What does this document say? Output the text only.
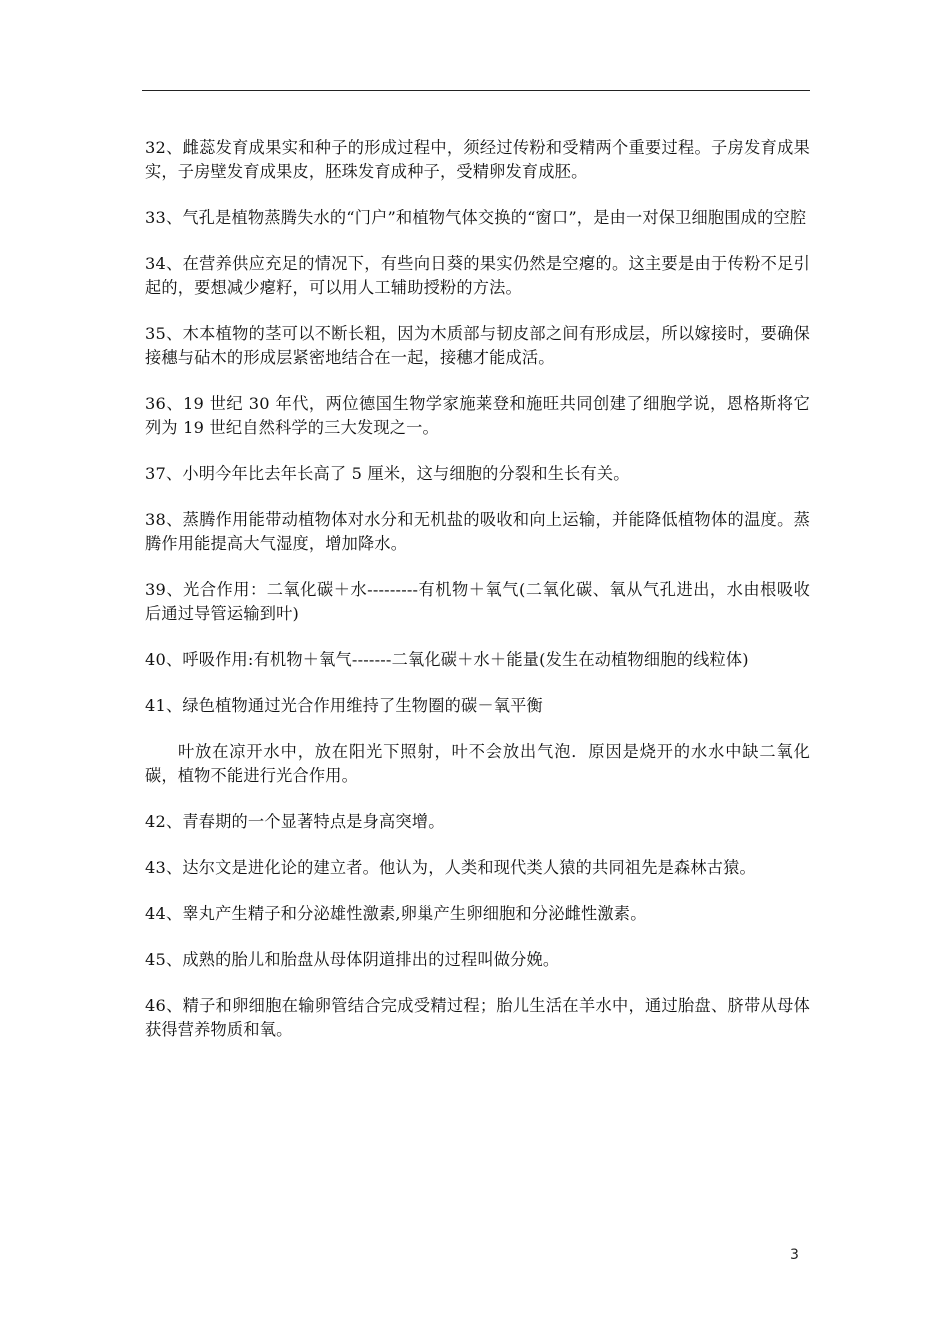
32、雌蕊发育成果实和种子的形成过程中，须经过传粉和受精两个重要过程。子房发育成果实，子房壁发育成果皮，胚珠发育成种子，受精卵发育成胚。

33、气孔是植物蒸腾失水的“门户”和植物气体交换的“窗口”，是由一对保卫细胞围成的空腔

34、在营养供应充足的情况下，有些向日葵的果实仍然是空瘪的。这主要是由于传粉不足引起的，要想减少瘪籽，可以用人工辅助授粉的方法。

35、木本植物的茎可以不断长粗，因为木质部与韧皮部之间有形成层，所以嫁接时，要确保接穗与砧木的形成层紧密地结合在一起，接穗才能成活。

36、19 世纪 30 年代，两位德国生物学家施莱登和施旺共同创建了细胞学说，恩格斯将它列为 19 世纪自然科学的三大发现之一。

37、小明今年比去年长高了 5 厘米，这与细胞的分裂和生长有关。

38、蒸腾作用能带动植物体对水分和无机盐的吸收和向上运输，并能降低植物体的温度。蒸腾作用能提高大气湿度，增加降水。

39、光合作用：二氧化碳＋水---------有机物＋氧气(二氧化碳、氧从气孔进出，水由根吸收后通过导管运输到叶)

40、呼吸作用:有机物＋氧气-------二氧化碳＋水＋能量(发生在动植物细胞的线粒体)

41、绿色植物通过光合作用维持了生物圈的碳－氧平衡

叶放在凉开水中，放在阳光下照射，叶不会放出气泡．原因是烧开的水水中缺二氧化碳，植物不能进行光合作用。

42、青春期的一个显著特点是身高突增。

43、达尔文是进化论的建立者。他认为，人类和现代类人猿的共同祖先是森林古猿。

44、睾丸产生精子和分泌雄性激素,卵巢产生卵细胞和分泌雌性激素。

45、成熟的胎儿和胎盘从母体阴道排出的过程叫做分娩。

46、精子和卵细胞在输卵管结合完成受精过程；胎儿生活在羊水中，通过胎盘、脐带从母体获得营养物质和氧。

3
